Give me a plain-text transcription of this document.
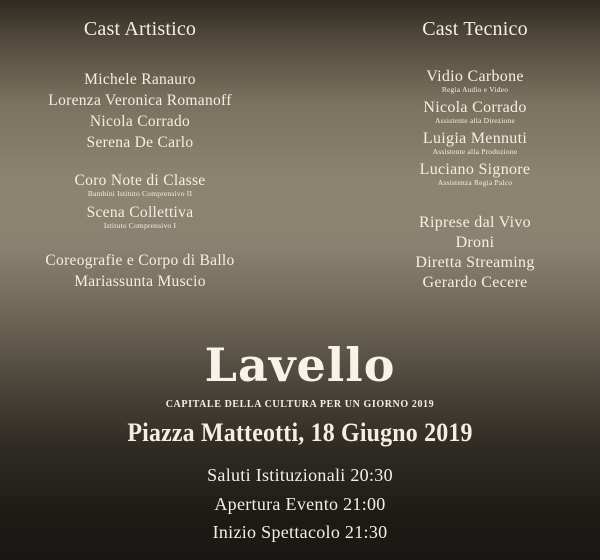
Cast Artistico
Michele Ranauro
Lorenza Veronica Romanoff
Nicola Corrado
Serena De Carlo
Coro Note di Classe
Bambini Istituto Comprensivo II
Scena Collettiva
Istituto Comprensivo I
Coreografie e Corpo di Ballo
Mariassunta Muscio
Cast Tecnico
Vidio Carbone
Regia Audio e Video
Nicola Corrado
Assistente alla Direzione
Luigia Mennuti
Assistente alla Produzione
Luciano Signore
Assistenza Regia Palco
Riprese dal Vivo
Droni
Diretta Streaming
Gerardo Cecere
Lavello
CAPITALE DELLA CULTURA PER UN GIORNO 2019
Piazza Matteotti, 18 Giugno 2019
Saluti Istituzionali 20:30
Apertura Evento 21:00
Inizio Spettacolo 21:30
